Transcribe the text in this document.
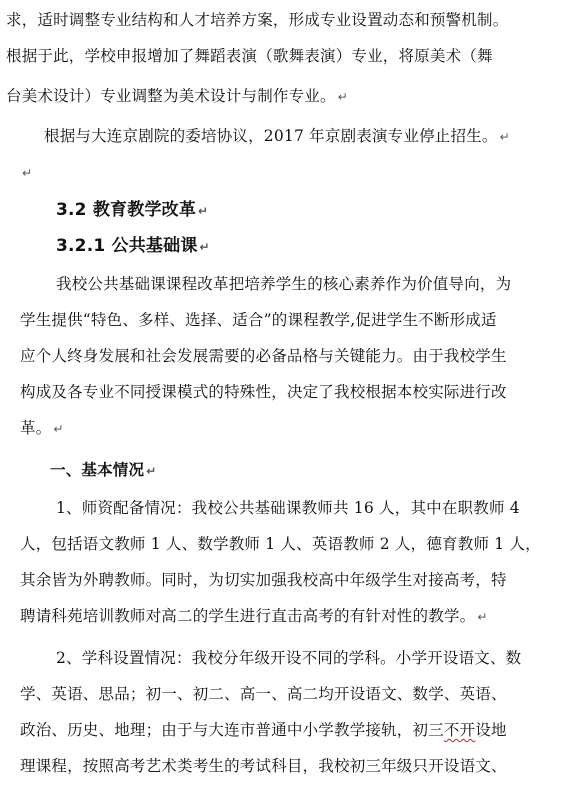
求，适时调整专业结构和人才培养方案，形成专业设置动态和预警机制。
根据于此，学校申报增加了舞蹈表演（歌舞表演）专业，将原美术（舞
台美术设计）专业调整为美术设计与制作专业。 ↵
根据与大连京剧院的委培协议，2017 年京剧表演专业停止招生。 ↵
↵
3.2 教育教学改革 ↵
3.2.1 公共基础课 ↵
我校公共基础课课程改革把培养学生的核心素养作为价值导向，为
学生提供“特色、多样、选择、适合”的课程教学,促进学生不断形成适
应个人终身发展和社会发展需要的必备品格与关键能力。由于我校学生
构成及各专业不同授课模式的特殊性，决定了我校根据本校实际进行改
革。 ↵
一、基本情况 ↵
1、师资配备情况：我校公共基础课教师共 16 人，其中在职教师 4
人，包括语文教师 1 人、数学教师 1 人、英语教师 2 人，德育教师 1 人，
其余皆为外聘教师。同时，为切实加强我校高中年级学生对接高考，特
聘请科苑培训教师对高二的学生进行直击高考的有针对性的教学。 ↵
2、学科设置情况：我校分年级开设不同的学科。小学开设语文、数
学、英语、思品；初一、初二、高一、高二均开设语文、数学、英语、
政治、历史、地理；由于与大连市普通中小学教学接轨，初三不开设地
理课程，按照高考艺术类考生的考试科目，我校初三年级只开设语文、
